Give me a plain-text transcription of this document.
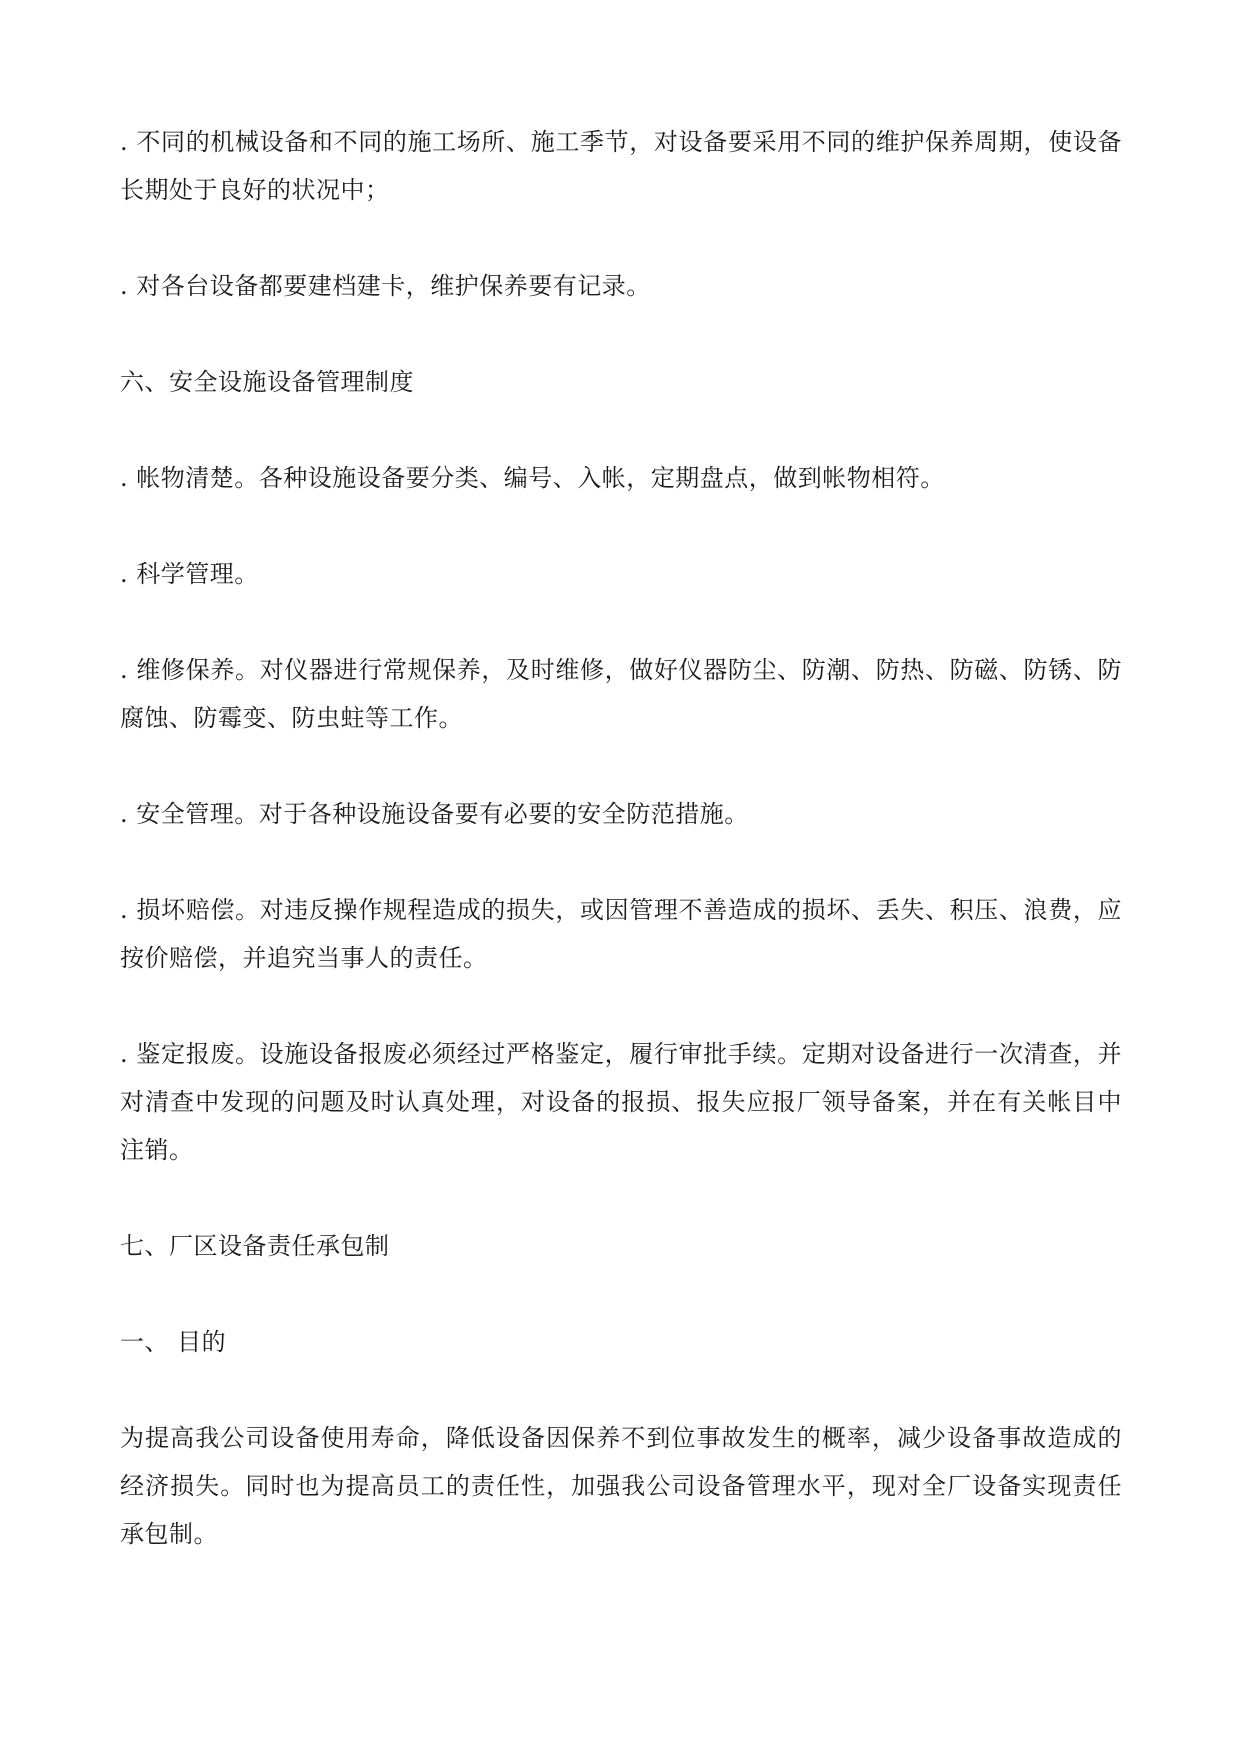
. 不同的机械设备和不同的施工场所、施工季节，对设备要采用不同的维护保养周期，使设备长期处于良好的状况中；

. 对各台设备都要建档建卡，维护保养要有记录。

六、安全设施设备管理制度

. 帐物清楚。各种设施设备要分类、编号、入帐，定期盘点，做到帐物相符。

. 科学管理。

. 维修保养。对仪器进行常规保养，及时维修，做好仪器防尘、防潮、防热、防磁、防锈、防腐蚀、防霉变、防虫蛀等工作。

. 安全管理。对于各种设施设备要有必要的安全防范措施。

. 损坏赔偿。对违反操作规程造成的损失，或因管理不善造成的损坏、丢失、积压、浪费，应按价赔偿，并追究当事人的责任。

. 鉴定报废。设施设备报废必须经过严格鉴定，履行审批手续。定期对设备进行一次清查，并对清查中发现的问题及时认真处理，对设备的报损、报失应报厂领导备案，并在有关帐目中注销。

七、厂区设备责任承包制

一、 目的

为提高我公司设备使用寿命，降低设备因保养不到位事故发生的概率，减少设备事故造成的经济损失。同时也为提高员工的责任性，加强我公司设备管理水平，现对全厂设备实现责任承包制。
